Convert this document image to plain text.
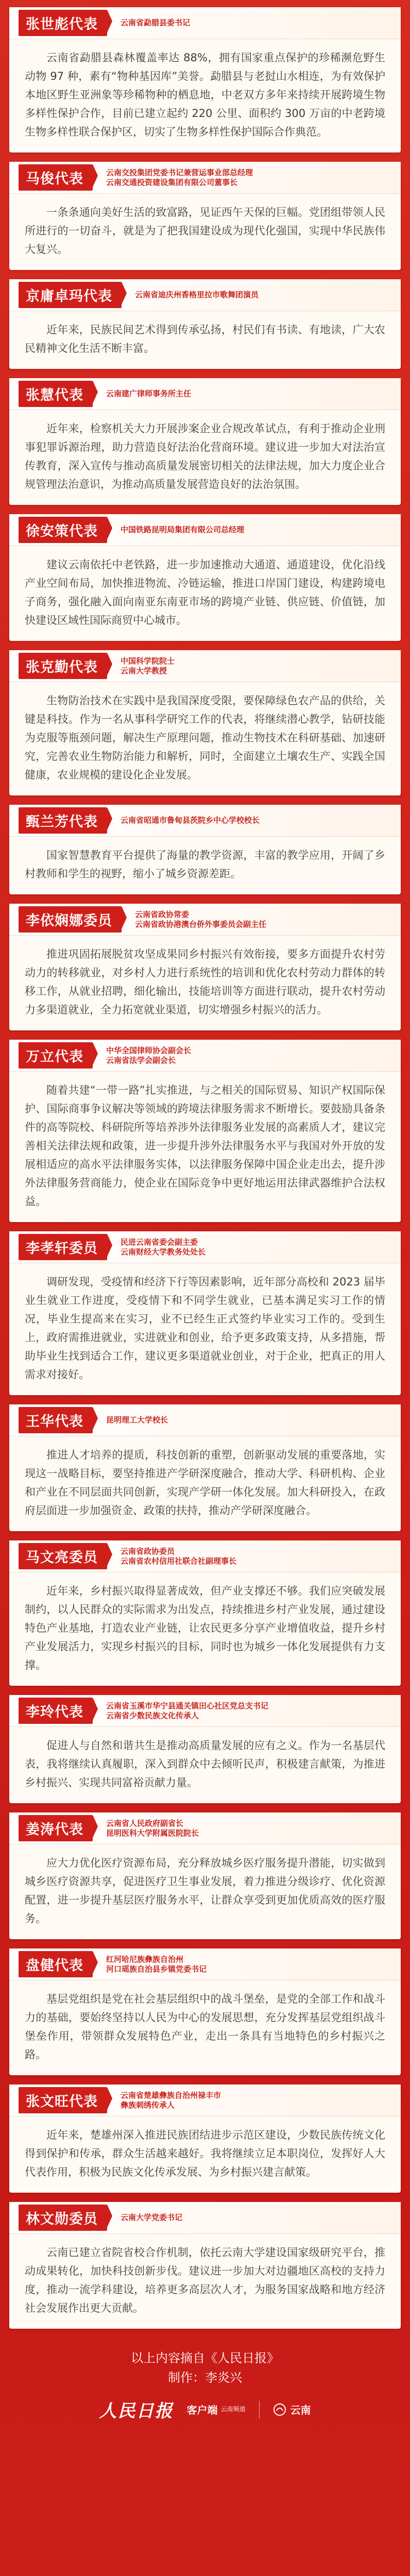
张世彪代表	云南省勐腊县委书记
云南省勐腊县森林覆盖率达 88%，拥有国家重点保护的珍稀濒危野生动物 97 种，素有“物种基因库”美誉。勐腊县与老挝山水相连，为有效保护本地区野生亚洲象等珍稀物种的栖息地，中老双方多年来持续开展跨境生物多样性保护合作，目前已建立起约 220 公里、面积约 300 万亩的中老跨境生物多样性联合保护区，切实了生物多样性保护国际合作典范。
马俊代表	云南交投集团党委书记兼营运事业部总经理
云南交通投资建设集团有限公司董事长
一条条通向美好生活的致富路，见证西午天保的巨幅。党团组带领人民所进行的一切奋斗，就是为了把我国建设成为现代化强国，实现中华民族伟大复兴。
京庸卓玛代表	云南省迪庆州香格里拉市歌舞团演员
近年来，民族民间艺术得到传承弘扬，村民们有书读、有地读，广大农民精神文化生活不断丰富。
张慧代表	云南建广律师事务所主任
近年来，检察机关大力开展涉案企业合规改革试点，有利于推动企业刑事犯罪诉源治理，助力营造良好法治化营商环境。建议进一步加大对法治宣传教育，深入宣传与推动高质量发展密切相关的法律法规，加大力度企业合规管理法治意识，为推动高质量发展营造良好的法治氛围。
徐安策代表	中国铁路昆明局集团有限公司总经理
建议云南依托中老铁路，进一步加速推动大通道、通道建设，优化沿线产业空间布局，加快推进物流、冷链运输，推进口岸国门建设，构建跨境电子商务，强化融入面向南亚东南亚市场的跨境产业链、供应链、价值链，加快建设区域性国际商贸中心城市。
张克勤代表	中国科学院院士
云南大学教授
生物防治技术在实践中是我国深度受限，要保障绿色农产品的供给，关键是科技。作为一名从事科学研究工作的代表，将继续潜心教学，钻研技能为克服等瓶颈问题，解决生产原理问题，推动生物技术在科研基础、加速研究，完善农业生物防治能力和解析，同时，全面建立土壤农生产、实践全国健康，农业规模的建设化企业发展。
甄兰芳代表	云南省昭通市鲁甸县茨院乡中心学校校长
国家智慧教育平台提供了海量的教学资源，丰富的教学应用，开阔了乡村教师和学生的视野，缩小了城乡资源差距。
李依娴娜委员	云南省政协常委
云南省政协港澳台侨外事委员会副主任
推进巩固拓展脱贫攻坚成果同乡村振兴有效衔接，要多方面提升农村劳动力的转移就业，对乡村人力进行系统性的培训和优化农村劳动力群体的转移工作，从就业招聘，细化输出，技能培训等方面进行联动，提升农村劳动力多渠道就业，全力拓宽就业渠道，切实增强乡村振兴的活力。
万立代表	中华全国律师协会副会长
云南省法学会副会长
随着共建“一带一路”扎实推进，与之相关的国际贸易、知识产权国际保护、国际商事争议解决等领域的跨境法律服务需求不断增长。要鼓励具备条件的高等院校、科研院所等培养涉外法律服务业发展的高素质人才，建议完善相关法律法规和政策，进一步提升涉外法律服务水平与我国对外开放的发展相适应的高水平法律服务实体，以法律服务保障中国企业走出去，提升涉外法律服务营商能力，使企业在国际竞争中更好地运用法律武器维护合法权益。
李孝轩委员	民进云南省委会副主委
云南财经大学教务处处长
调研发现，受疫情和经济下行等因素影响，近年部分高校和 2023 届毕业生就业工作进度，受疫情下和不同学生就业，已基本满足实习工作的情况，毕业生提高来在实习，业不已经生正式签约毕业实习工作的。受到生上，政府需推进就业，实进就业和创业，给予更多政策支持，从多措施，帮助毕业生找到适合工作，建议更多渠道就业创业，对于企业，把真正的用人需求对接好。
王华代表	昆明理工大学校长
推进人才培养的提质，科技创新的重塑，创新驱动发展的重要落地，实现这一战略目标，要坚持推进产学研深度融合，推动大学、科研机构、企业和产业在不同层面共同创新，实现产学研一体化发展。加大科研投入，在政府层面进一步加强资金、政策的扶持，推动产学研深度融合。
马文亮委员	云南省政协委员
云南省农村信用社联合社副理事长
近年来，乡村振兴取得显著成效，但产业支撑还不够。我们应突破发展制约，以人民群众的实际需求为出发点，持续推进乡村产业发展，通过建设特色产业基地，打造农业产业链，让农民更多分享产业增值收益，提升乡村产业发展活力，实现乡村振兴的目标，同时也为城乡一体化发展提供有力支撑。
李玲代表	云南省玉溪市华宁县通关镇田心社区党总支书记
云南省少数民族文化传承人
促进人与自然和谐共生是推动高质量发展的应有之义。作为一名基层代表，我将继续认真履职，深入到群众中去倾听民声，积极建言献策，为推进乡村振兴、实现共同富裕贡献力量。
姜涛代表	云南省人民政府副省长
昆明医科大学附属医院院长
应大力优化医疗资源布局，充分释放城乡医疗服务提升潜能，切实做到城乡医疗资源共享，促进医疗卫生事业发展，着力推进分级诊疗、优化资源配置，进一步提升基层医疗服务水平，让群众享受到更加优质高效的医疗服务。
盘健代表	红河哈尼族彝族自治州
河口瑶族自治县乡镇党委书记
基层党组织是党在社会基层组织中的战斗堡垒，是党的全部工作和战斗力的基础，要始终坚持以人民为中心的发展思想，充分发挥基层党组织战斗堡垒作用，带领群众发展特色产业，走出一条具有当地特色的乡村振兴之路。
张文旺代表	云南省楚雄彝族自治州禄丰市
彝族刺绣传承人
近年来，楚雄州深入推进民族团结进步示范区建设，少数民族传统文化得到保护和传承，群众生活越来越好。我将继续立足本职岗位，发挥好人大代表作用，积极为民族文化传承发展、为乡村振兴建言献策。
林文勋委员	云南大学党委书记
云南已建立省院省校合作机制，依托云南大学建设国家级研究平台，推动成果转化，加快科技创新步伐。建议进一步加大对边疆地区高校的支持力度，推动一流学科建设，培养更多高层次人才，为服务国家战略和地方经济社会发展作出更大贡献。
以上内容摘自《人民日报》
制作：李炎兴
人民日报 客户端 云南频道	云南
